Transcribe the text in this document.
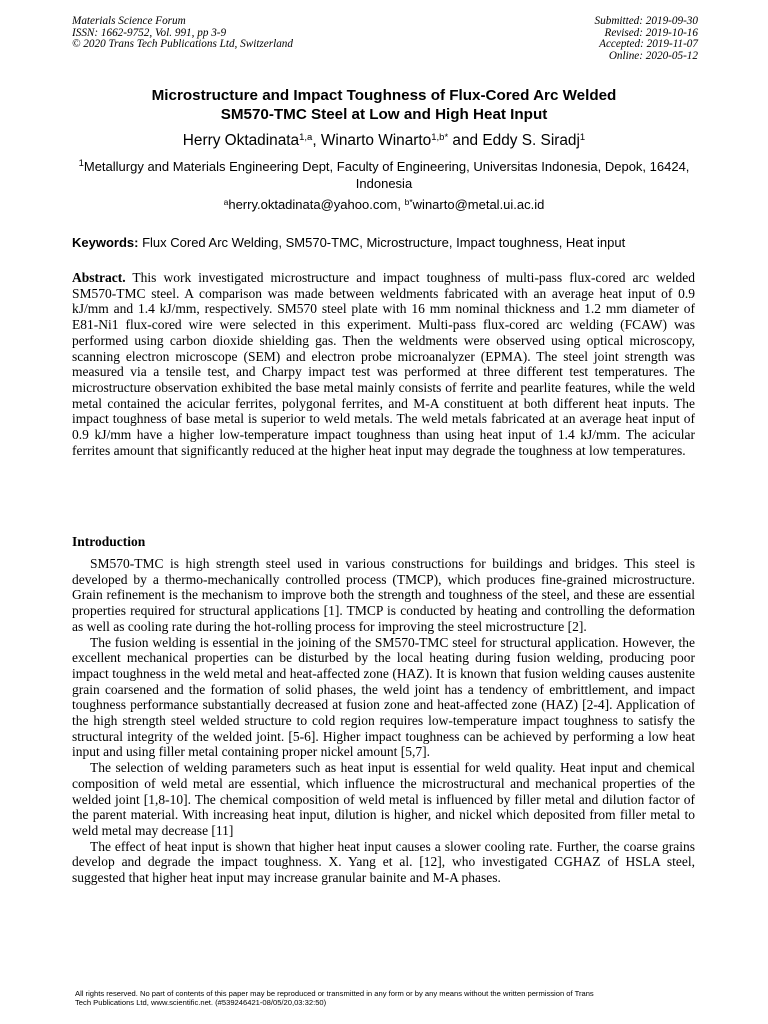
Materials Science Forum
ISSN: 1662-9752, Vol. 991, pp 3-9
© 2020 Trans Tech Publications Ltd, Switzerland
Submitted: 2019-09-30
Revised: 2019-10-16
Accepted: 2019-11-07
Online: 2020-05-12
Microstructure and Impact Toughness of Flux-Cored Arc Welded
SM570-TMC Steel at Low and High Heat Input
Herry Oktadinata$^{1,a}$, Winarto Winarto$^{1,b*}$ and Eddy S. Siradj$^1$
$^1$Metallurgy and Materials Engineering Dept, Faculty of Engineering, Universitas Indonesia, Depok, 16424, Indonesia
$^a$herry.oktadinata@yahoo.com, $^{b*}$winarto@metal.ui.ac.id
Keywords: Flux Cored Arc Welding, SM570-TMC, Microstructure, Impact toughness, Heat input
Abstract. This work investigated microstructure and impact toughness of multi-pass flux-cored arc welded SM570-TMC steel. A comparison was made between weldments fabricated with an average heat input of 0.9 kJ/mm and 1.4 kJ/mm, respectively. SM570 steel plate with 16 mm nominal thickness and 1.2 mm diameter of E81-Ni1 flux-cored wire were selected in this experiment. Multi-pass flux-cored arc welding (FCAW) was performed using carbon dioxide shielding gas. Then the weldments were observed using optical microscopy, scanning electron microscope (SEM) and electron probe microanalyzer (EPMA). The steel joint strength was measured via a tensile test, and Charpy impact test was performed at three different test temperatures. The microstructure observation exhibited the base metal mainly consists of ferrite and pearlite features, while the weld metal contained the acicular ferrites, polygonal ferrites, and M-A constituent at both different heat inputs. The impact toughness of base metal is superior to weld metals. The weld metals fabricated at an average heat input of 0.9 kJ/mm have a higher low-temperature impact toughness than using heat input of 1.4 kJ/mm. The acicular ferrites amount that significantly reduced at the higher heat input may degrade the toughness at low temperatures.
Introduction

SM570-TMC is high strength steel used in various constructions for buildings and bridges. This steel is developed by a thermo-mechanically controlled process (TMCP), which produces fine-grained microstructure. Grain refinement is the mechanism to improve both the strength and toughness of the steel, and these are essential properties required for structural applications [1]. TMCP is conducted by heating and controlling the deformation as well as cooling rate during the hot-rolling process for improving the steel microstructure [2].

The fusion welding is essential in the joining of the SM570-TMC steel for structural application. However, the excellent mechanical properties can be disturbed by the local heating during fusion welding, producing poor impact toughness in the weld metal and heat-affected zone (HAZ). It is known that fusion welding causes austenite grain coarsened and the formation of solid phases, the weld joint has a tendency of embrittlement, and impact toughness performance substantially decreased at fusion zone and heat-affected zone (HAZ) [2-4]. Application of the high strength steel welded structure to cold region requires low-temperature impact toughness to satisfy the structural integrity of the welded joint. [5-6]. Higher impact toughness can be achieved by performing a low heat input and using filler metal containing proper nickel amount [5,7].

The selection of welding parameters such as heat input is essential for weld quality. Heat input and chemical composition of weld metal are essential, which influence the microstructural and mechanical properties of the welded joint [1,8-10]. The chemical composition of weld metal is influenced by filler metal and dilution factor of the parent material. With increasing heat input, dilution is higher, and nickel which deposited from filler metal to weld metal may decrease [11]

The effect of heat input is shown that higher heat input causes a slower cooling rate. Further, the coarse grains develop and degrade the impact toughness. X. Yang et al. [12], who investigated CGHAZ of HSLA steel, suggested that higher heat input may increase granular bainite and M-A phases.

All rights reserved. No part of contents of this paper may be reproduced or transmitted in any form or by any means without the written permission of Trans
Tech Publications Ltd, www.scientific.net. (#539246421-08/05/20,03:32:50)
